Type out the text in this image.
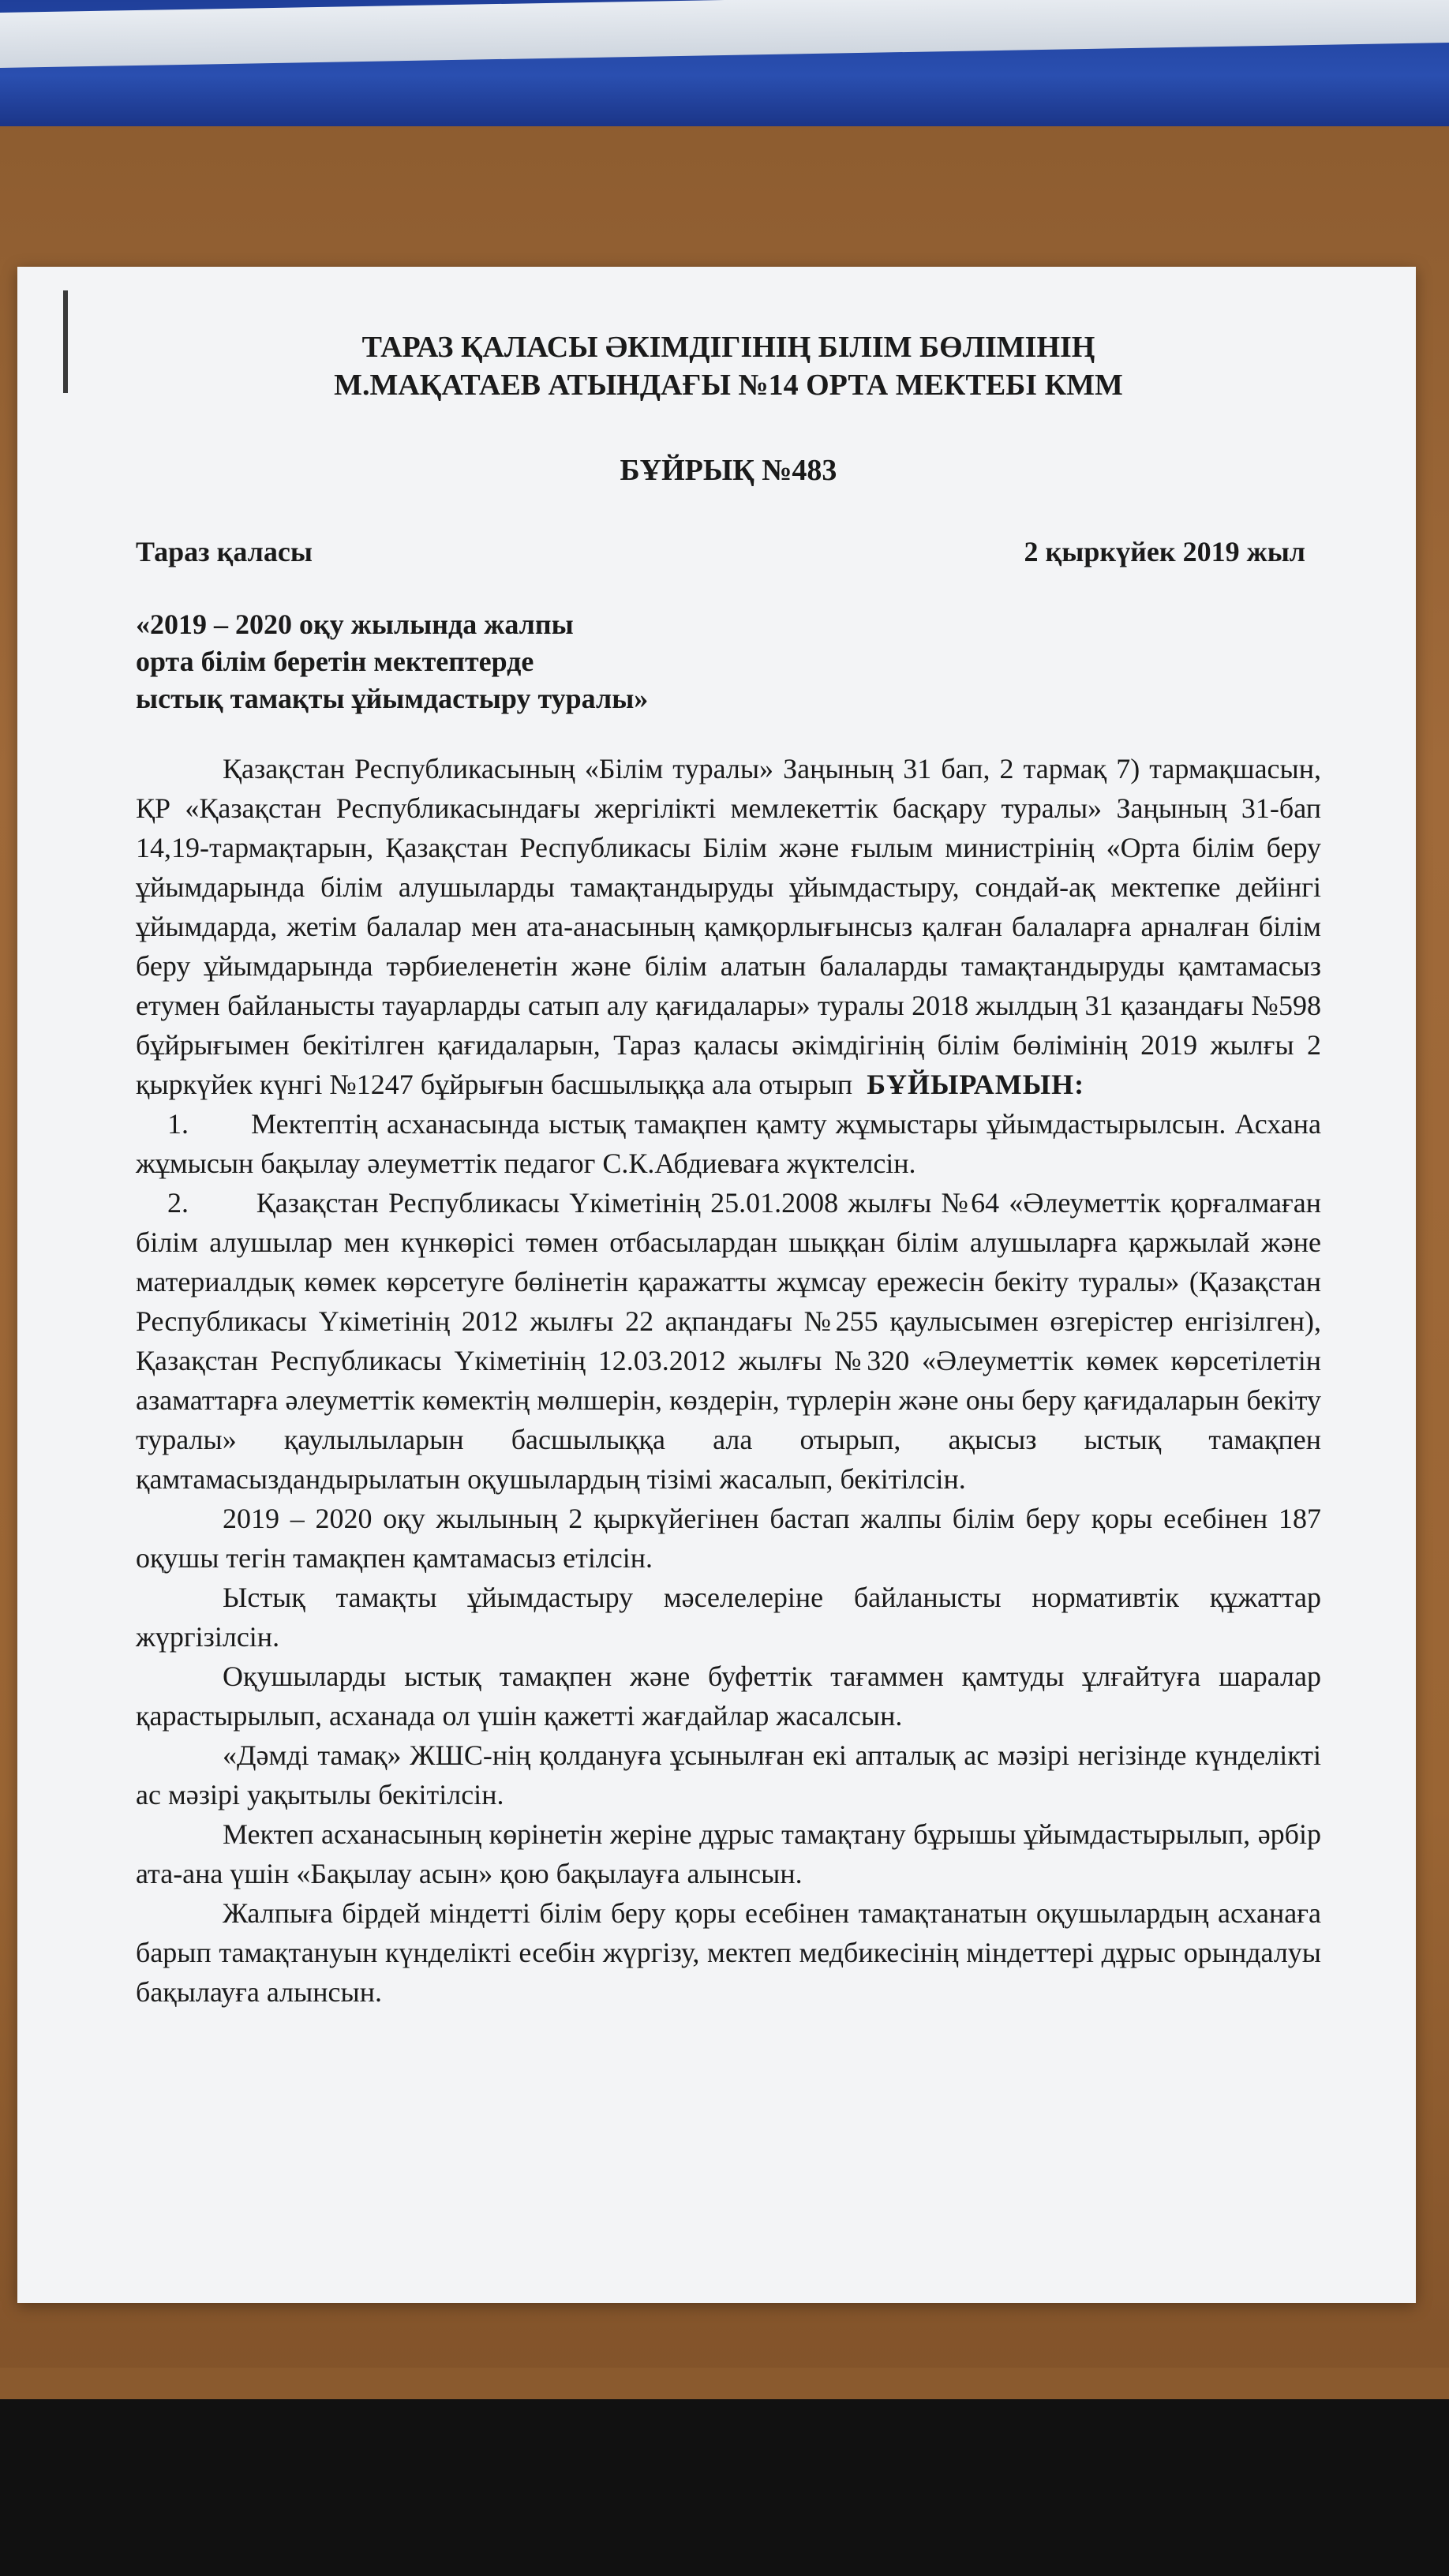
ТАРАЗ ҚАЛАСЫ ӘКІМДІГІНІҢ БІЛІМ БӨЛІМІНІҢ
М.МАҚАТАЕВ АТЫНДАҒЫ №14 ОРТА МЕКТЕБІ КММ
БҰЙРЫҚ №483
Тараз қаласы	2 қыркүйек 2019 жыл
«2019 – 2020 оқу жылында жалпы
орта білім беретін мектептерде
ыстық тамақты ұйымдастыру туралы»

Қазақстан Республикасының «Білім туралы» Заңының 31 бап, 2 тармақ 7) тармақшасын, ҚР «Қазақстан Республикасындағы жергілікті мемлекеттік басқару туралы» Заңының 31-бап 14,19-тармақтарын, Қазақстан Республикасы Білім және ғылым министрінің «Орта білім беру ұйымдарында білім алушыларды тамақтандыруды ұйымдастыру, сондай-ақ мектепке дейінгі ұйымдарда, жетім балалар мен ата-анасының қамқорлығынсыз қалған балаларға арналған білім беру ұйымдарында тәрбиеленетін және білім алатын балаларды тамақтандыруды қамтамасыз етумен байланысты тауарларды сатып алу қағидалары» туралы 2018 жылдың 31 қазандағы №598 бұйрығымен бекітілген қағидаларын, Тараз қаласы әкімдігінің білім бөлімінің 2019 жылғы 2 қыркүйек күнгі №1247 бұйрығын басшылыққа ала отырып БҰЙЫРАМЫН:

1.       Мектептің асханасында ыстық тамақпен қамту жұмыстары ұйымдастырылсын. Асхана жұмысын бақылау әлеуметтік педагог С.К.Абдиеваға жүктелсін.

2.       Қазақстан Республикасы Үкіметінің 25.01.2008 жылғы №64 «Әлеуметтік қорғалмаған білім алушылар мен күнкөрісі төмен отбасылардан шыққан білім алушыларға қаржылай және материалдық көмек көрсетуге бөлінетін қаражатты жұмсау ережесін бекіту туралы» (Қазақстан Республикасы Үкіметінің 2012 жылғы 22 ақпандағы №255 қаулысымен өзгерістер енгізілген), Қазақстан Республикасы Үкіметінің 12.03.2012 жылғы №320 «Әлеуметтік көмек көрсетілетін азаматтарға әлеуметтік көмектің мөлшерін, көздерін, түрлерін және оны беру қағидаларын бекіту туралы» қаулылыларын басшылыққа ала отырып, ақысыз ыстық тамақпен қамтамасыздандырылатын оқушылардың тізімі жасалып, бекітілсін.

2019 – 2020 оқу жылының 2 қыркүйегінен бастап жалпы білім беру қоры есебінен 187 оқушы тегін тамақпен қамтамасыз етілсін.

Ыстық тамақты ұйымдастыру мәселелеріне байланысты нормативтік құжаттар жүргізілсін.

Оқушыларды ыстық тамақпен және буфеттік тағаммен қамтуды ұлғайтуға шаралар қарастырылып, асханада ол үшін қажетті жағдайлар жасалсын.

«Дәмді тамақ» ЖШС-нің қолдануға ұсынылған екі апталық ас мәзірі негізінде күнделікті ас мәзірі уақытылы бекітілсін.

Мектеп асханасының көрінетін жеріне дұрыс тамақтану бұрышы ұйымдастырылып, әрбір ата-ана үшін «Бақылау асын» қою бақылауға алынсын.

Жалпыға бірдей міндетті білім беру қоры есебінен тамақтанатын оқушылардың асханаға барып тамақтануын күнделікті есебін жүргізу, мектеп медбикесінің міндеттері дұрыс орындалуы бақылауға алынсын.
